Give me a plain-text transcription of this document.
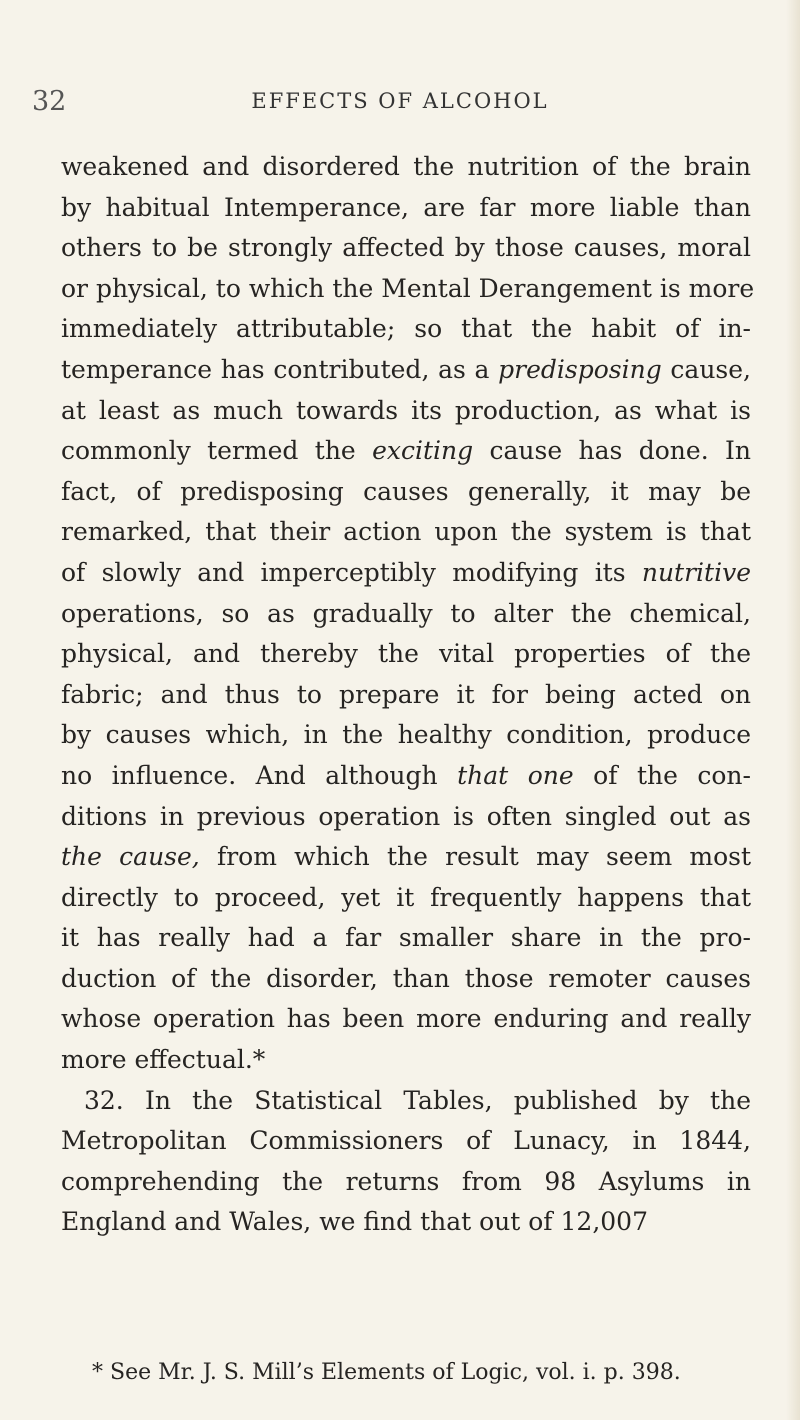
32	EFFECTS OF ALCOHOL
weakened and disordered the nutrition of the brain
by habitual Intemperance, are far more liable than
others to be strongly affected by those causes, moral
or physical, to which the Mental Derangement is more
immediately attributable; so that the habit of in-
temperance has contributed, as a predisposing cause,
at least as much towards its production, as what is
commonly termed the exciting cause has done. In
fact, of predisposing causes generally, it may be
remarked, that their action upon the system is that
of slowly and imperceptibly modifying its nutritive
operations, so as gradually to alter the chemical,
physical, and thereby the vital properties of the
fabric; and thus to prepare it for being acted on
by causes which, in the healthy condition, produce
no influence. And although that one of the con-
ditions in previous operation is often singled out as
the cause, from which the result may seem most
directly to proceed, yet it frequently happens that
it has really had a far smaller share in the pro-
duction of the disorder, than those remoter causes
whose operation has been more enduring and really
more effectual.*
32. In the Statistical Tables, published by the
Metropolitan Commissioners of Lunacy, in 1844,
comprehending the returns from 98 Asylums in
England and Wales, we find that out of 12,007
* See Mr. J. S. Mill’s Elements of Logic, vol. i. p. 398.
